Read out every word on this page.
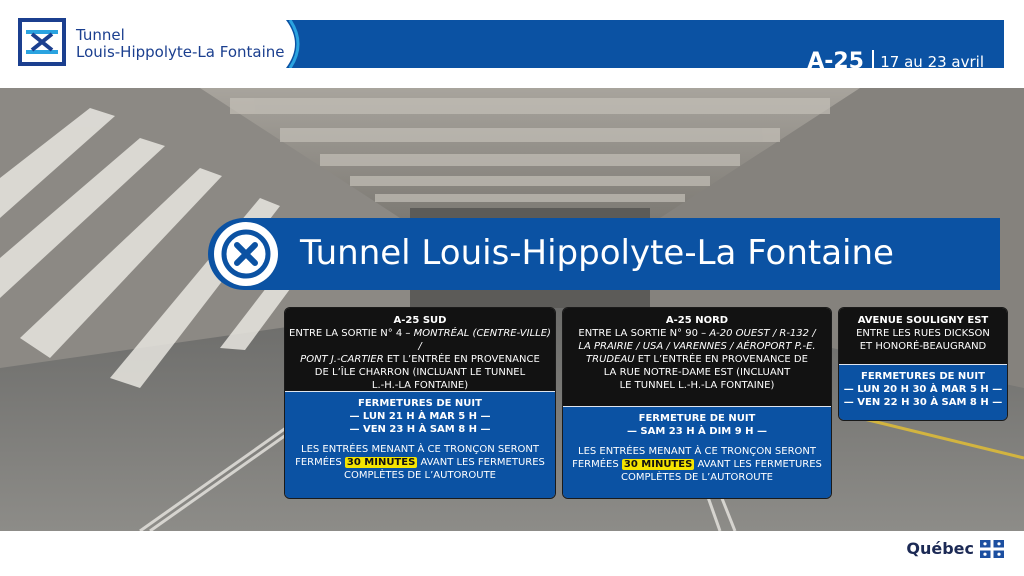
Tunnel
Louis-Hippolyte-La Fontaine	A-25 17 au 23 avril
Tunnel Louis-Hippolyte-La Fontaine
A-25 SUD
ENTRE LA SORTIE N° 4 – MONTRÉAL (CENTRE-VILLE) /
PONT J.-CARTIER ET L’ENTRÉE EN PROVENANCE
DE L’ÎLE CHARRON (INCLUANT LE TUNNEL
L.-H.-LA FONTAINE)
FERMETURES DE NUIT
— LUN 21 H À MAR 5 H —
— VEN 23 H À SAM 8 H —
LES ENTRÉES MENANT À CE TRONÇON SERONT
FERMÉES 30 MINUTES AVANT LES FERMETURES
COMPLÈTES DE L’AUTOROUTE
A-25 NORD
ENTRE LA SORTIE N° 90 – A-20 OUEST / R-132 /
LA PRAIRIE / USA / VARENNES / AÉROPORT P.-E.
TRUDEAU ET L’ENTRÉE EN PROVENANCE DE
LA RUE NOTRE-DAME EST (INCLUANT
LE TUNNEL L.-H.-LA FONTAINE)
FERMETURE DE NUIT
— SAM 23 H À DIM 9 H —
LES ENTRÉES MENANT À CE TRONÇON SERONT
FERMÉES 30 MINUTES AVANT LES FERMETURES
COMPLÈTES DE L’AUTOROUTE
AVENUE SOULIGNY EST
ENTRE LES RUES DICKSON
ET HONORÉ-BEAUGRAND
FERMETURES DE NUIT
— LUN 20 H 30 À MAR 5 H —
— VEN 22 H 30 À SAM 8 H —
Québec
